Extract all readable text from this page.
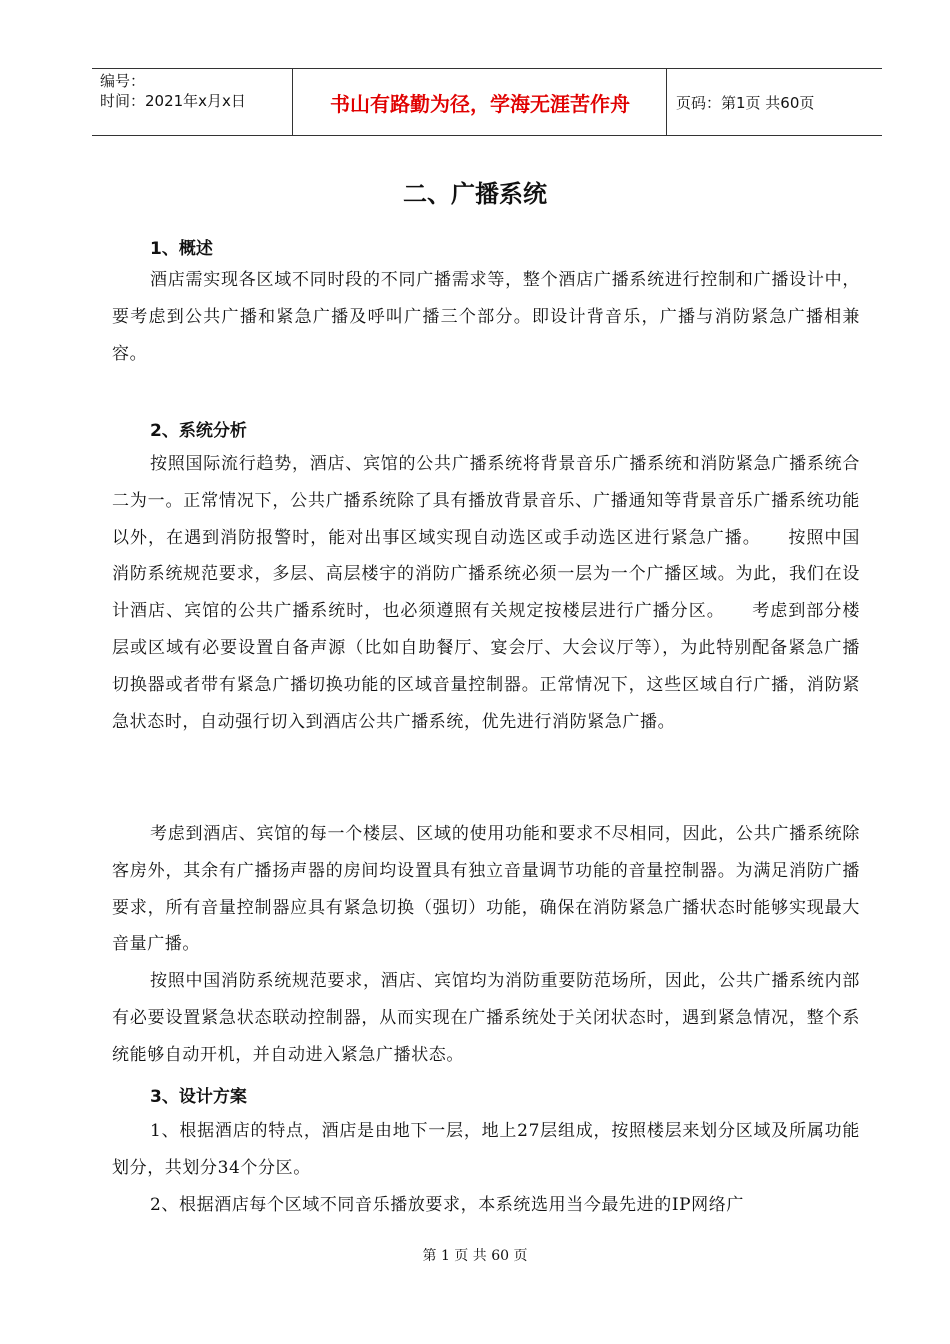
编号：
时间：2021年x月x日	书山有路勤为径，学海无涯苦作舟	页码：第1页 共60页
二、广播系统
1、概述
酒店需实现各区域不同时段的不同广播需求等，整个酒店广播系统进行控制和广播设计中，要考虑到公共广播和紧急广播及呼叫广播三个部分。即设计背音乐，广播与消防紧急广播相兼容。
2、系统分析
按照国际流行趋势，酒店、宾馆的公共广播系统将背景音乐广播系统和消防紧急广播系统合二为一。正常情况下，公共广播系统除了具有播放背景音乐、广播通知等背景音乐广播系统功能以外，在遇到消防报警时，能对出事区域实现自动选区或手动选区进行紧急广播。　　按照中国消防系统规范要求，多层、高层楼宇的消防广播系统必须一层为一个广播区域。为此，我们在设计酒店、宾馆的公共广播系统时，也必须遵照有关规定按楼层进行广播分区。　　考虑到部分楼层或区域有必要设置自备声源（比如自助餐厅、宴会厅、大会议厅等），为此特别配备紧急广播切换器或者带有紧急广播切换功能的区域音量控制器。正常情况下，这些区域自行广播，消防紧急状态时，自动强行切入到酒店公共广播系统，优先进行消防紧急广播。
考虑到酒店、宾馆的每一个楼层、区域的使用功能和要求不尽相同，因此，公共广播系统除客房外，其余有广播扬声器的房间均设置具有独立音量调节功能的音量控制器。为满足消防广播要求，所有音量控制器应具有紧急切换（强切）功能，确保在消防紧急广播状态时能够实现最大音量广播。
按照中国消防系统规范要求，酒店、宾馆均为消防重要防范场所，因此，公共广播系统内部有必要设置紧急状态联动控制器，从而实现在广播系统处于关闭状态时，遇到紧急情况，整个系统能够自动开机，并自动进入紧急广播状态。
3、设计方案
1、根据酒店的特点，酒店是由地下一层，地上27层组成，按照楼层来划分区域及所属功能划分，共划分34个分区。
2、根据酒店每个区域不同音乐播放要求，本系统选用当今最先进的IP网络广
第 1 页 共 60 页
